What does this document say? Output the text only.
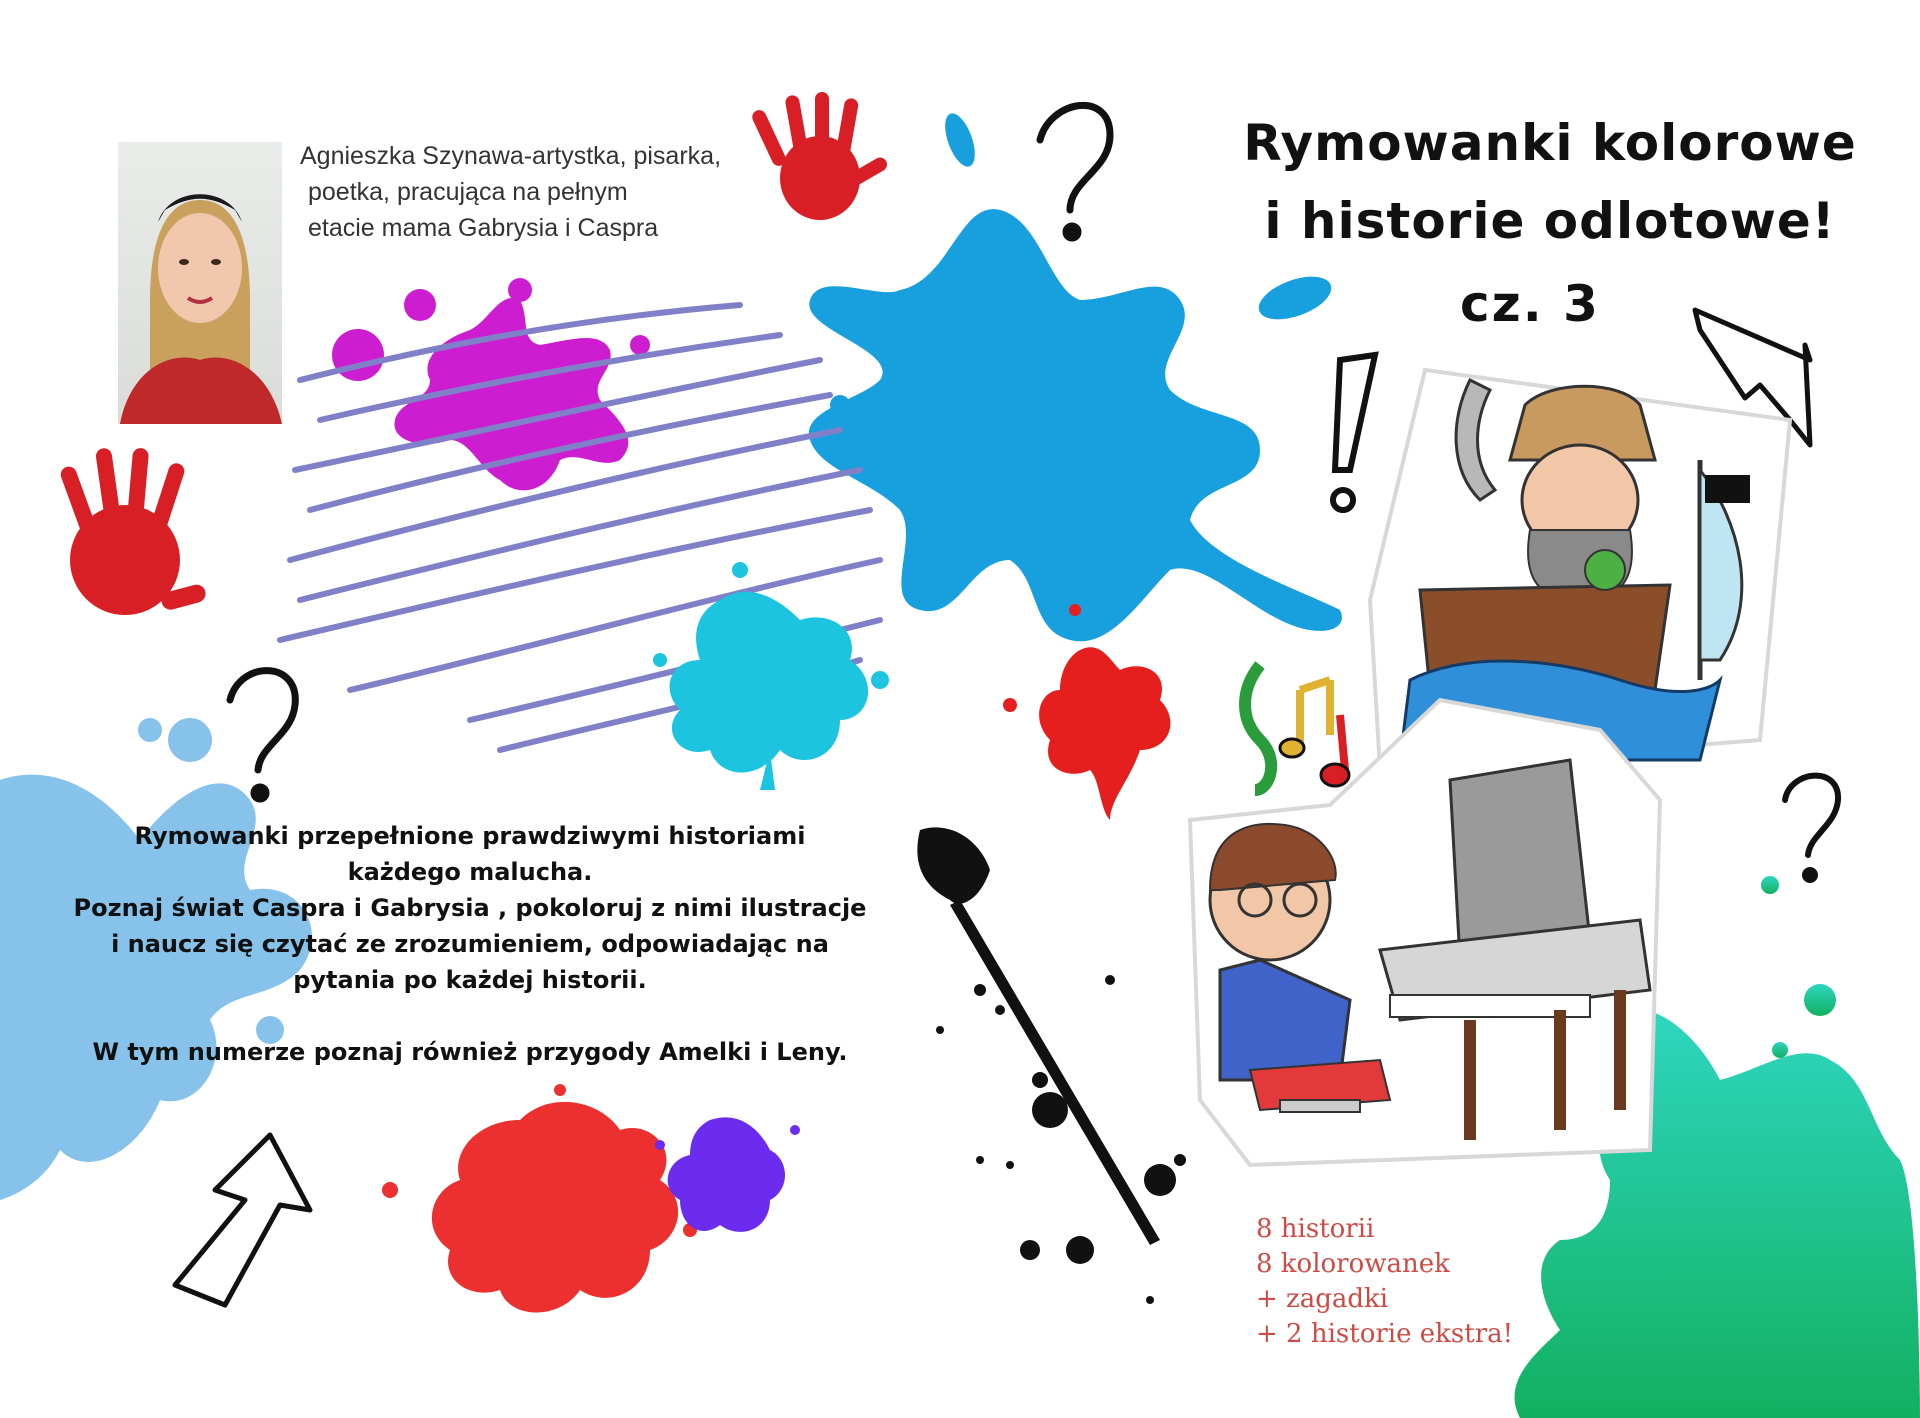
Agnieszka Szynawa-artystka, pisarka,
poetka, pracująca na pełnym
etacie mama Gabrysia i Caspra
Rymowanki kolorowe
i historie odlotowe!
cz. 3
Rymowanki przepełnione prawdziwymi historiami
każdego malucha.
Poznaj świat Caspra i Gabrysia , pokoloruj z nimi ilustracje
i naucz się czytać ze zrozumieniem, odpowiadając na
pytania po każdej historii.
W tym numerze poznaj również przygody Amelki i Leny.
8 historii
8 kolorowanek
+ zagadki
+ 2 historie ekstra!
